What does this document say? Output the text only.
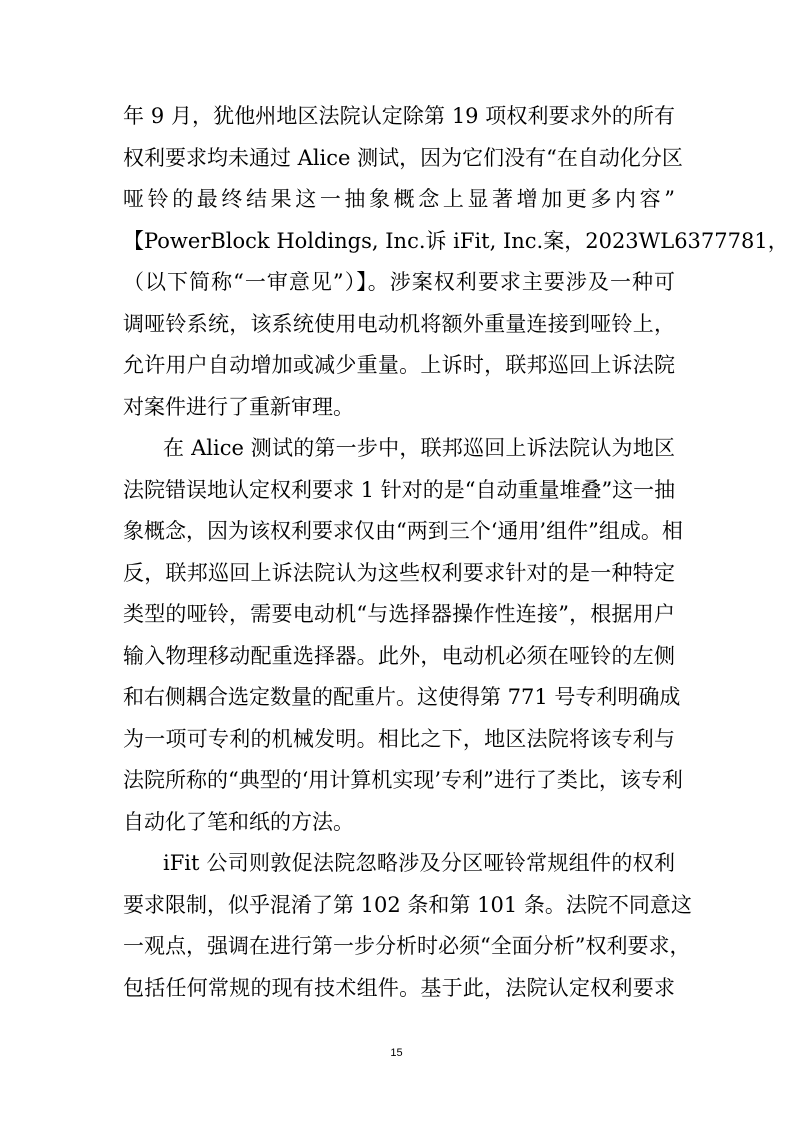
年 9 月，犹他州地区法院认定除第 19 项权利要求外的所有
权利要求均未通过 Alice 测试，因为它们没有“在自动化分区
哑铃的最终结果这一抽象概念上显著增加更多内容”
【PowerBlock Holdings, Inc.诉 iFit, Inc.案，2023WL6377781，
（以下简称“一审意见”）】。涉案权利要求主要涉及一种可
调哑铃系统，该系统使用电动机将额外重量连接到哑铃上，
允许用户自动增加或减少重量。上诉时，联邦巡回上诉法院
对案件进行了重新审理。
在 Alice 测试的第一步中，联邦巡回上诉法院认为地区
法院错误地认定权利要求 1 针对的是“自动重量堆叠”这一抽
象概念，因为该权利要求仅由“两到三个‘通用’组件”组成。相
反，联邦巡回上诉法院认为这些权利要求针对的是一种特定
类型的哑铃，需要电动机“与选择器操作性连接”，根据用户
输入物理移动配重选择器。此外，电动机必须在哑铃的左侧
和右侧耦合选定数量的配重片。这使得第 771 号专利明确成
为一项可专利的机械发明。相比之下，地区法院将该专利与
法院所称的“典型的‘用计算机实现’专利”进行了类比，该专利
自动化了笔和纸的方法。
iFit 公司则敦促法院忽略涉及分区哑铃常规组件的权利
要求限制，似乎混淆了第 102 条和第 101 条。法院不同意这
一观点，强调在进行第一步分析时必须“全面分析”权利要求，
包括任何常规的现有技术组件。基于此，法院认定权利要求
15
